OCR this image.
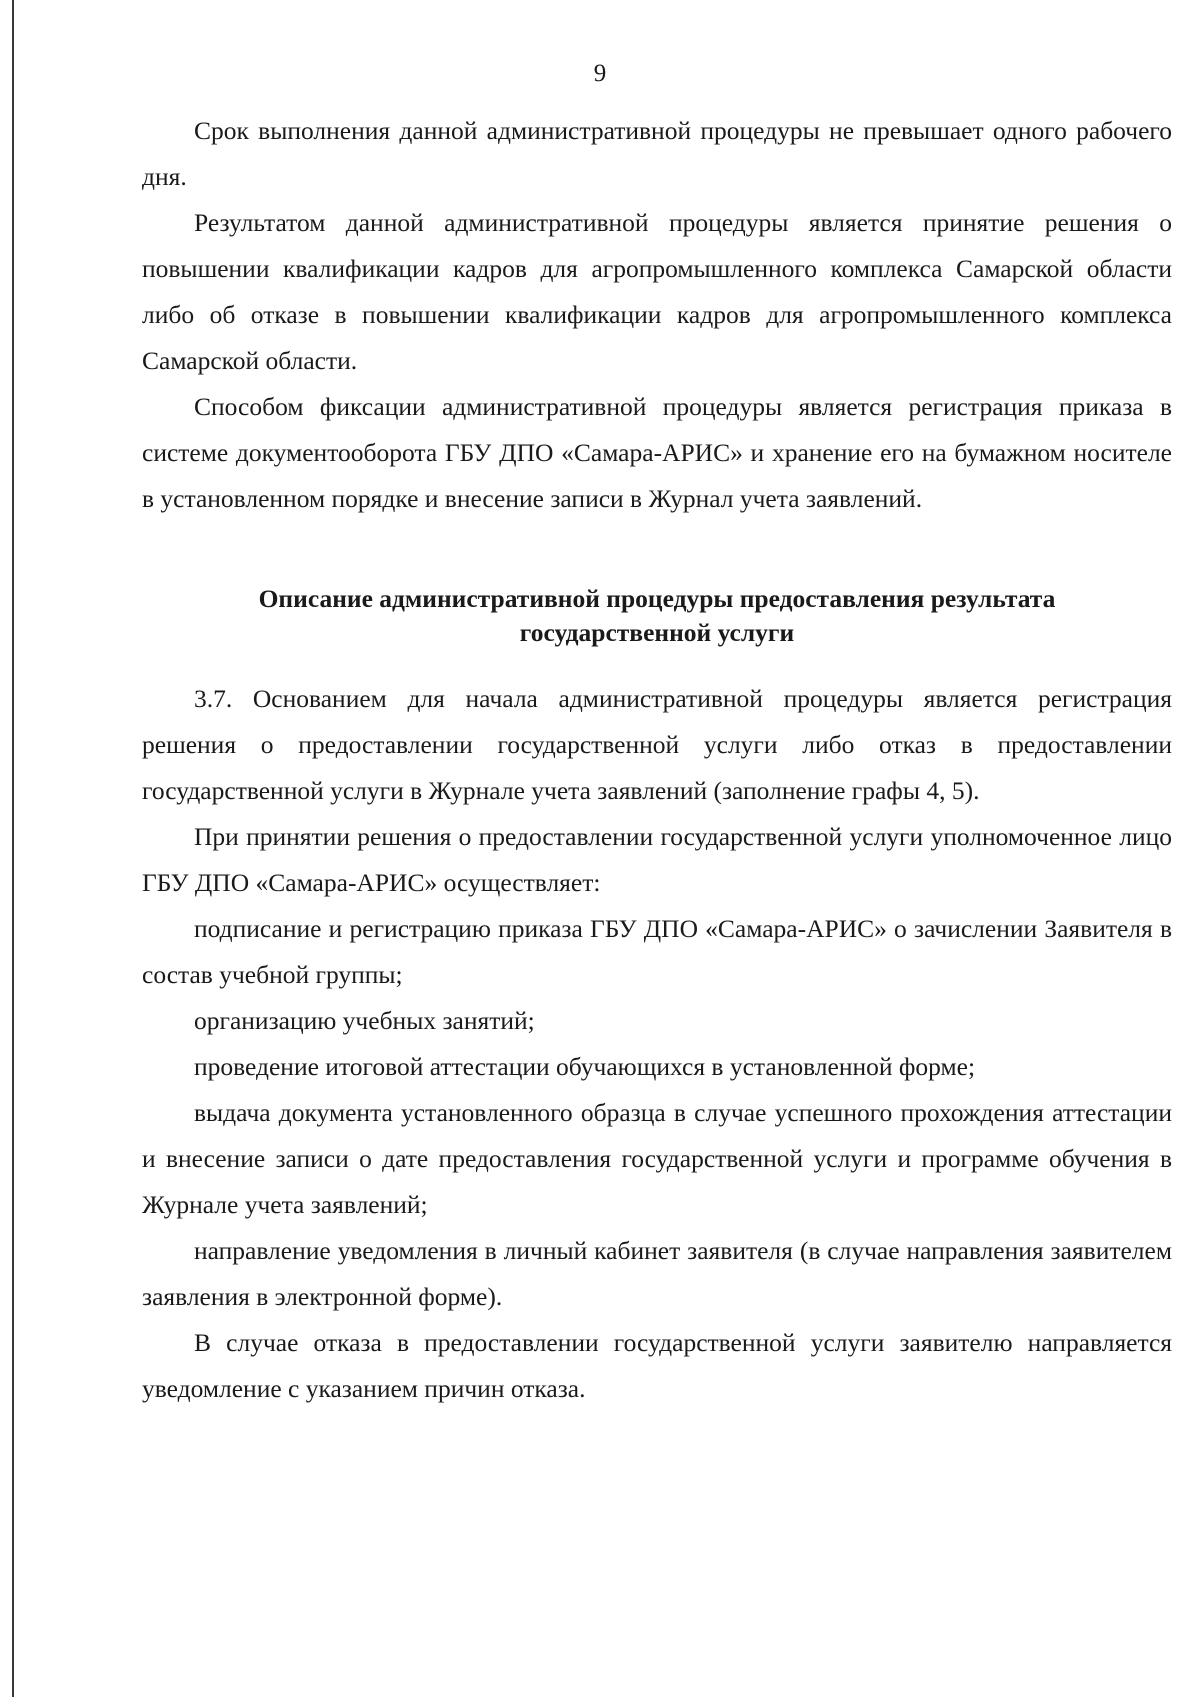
9

Срок выполнения данной административной процедуры не превышает одного рабочего дня.

Результатом данной административной процедуры является принятие решения о повышении квалификации кадров для агропромышленного комплекса Самарской области либо об отказе в повышении квалификации кадров для агропромышленного комплекса Самарской области.

Способом фиксации административной процедуры является регистрация приказа в системе документооборота ГБУ ДПО «Самара-АРИС» и хранение его на бумажном носителе в установленном порядке и внесение записи в Журнал учета заявлений.

Описание административной процедуры предоставления результата
государственной услуги

3.7. Основанием для начала административной процедуры является регистрация решения о предоставлении государственной услуги либо отказ в предоставлении государственной услуги в Журнале учета заявлений (заполнение графы 4, 5).

При принятии решения о предоставлении государственной услуги уполномоченное лицо ГБУ ДПО «Самара-АРИС» осуществляет:

подписание и регистрацию приказа ГБУ ДПО «Самара-АРИС» о зачислении Заявителя в состав учебной группы;

организацию учебных занятий;

проведение итоговой аттестации обучающихся в установленной форме;

выдача документа установленного образца в случае успешного прохождения аттестации и внесение записи о дате предоставления государственной услуги и программе обучения в Журнале учета заявлений;

направление уведомления в личный кабинет заявителя (в случае направления заявителем заявления в электронной форме).

В случае отказа в предоставлении государственной услуги заявителю направляется уведомление с указанием причин отказа.
